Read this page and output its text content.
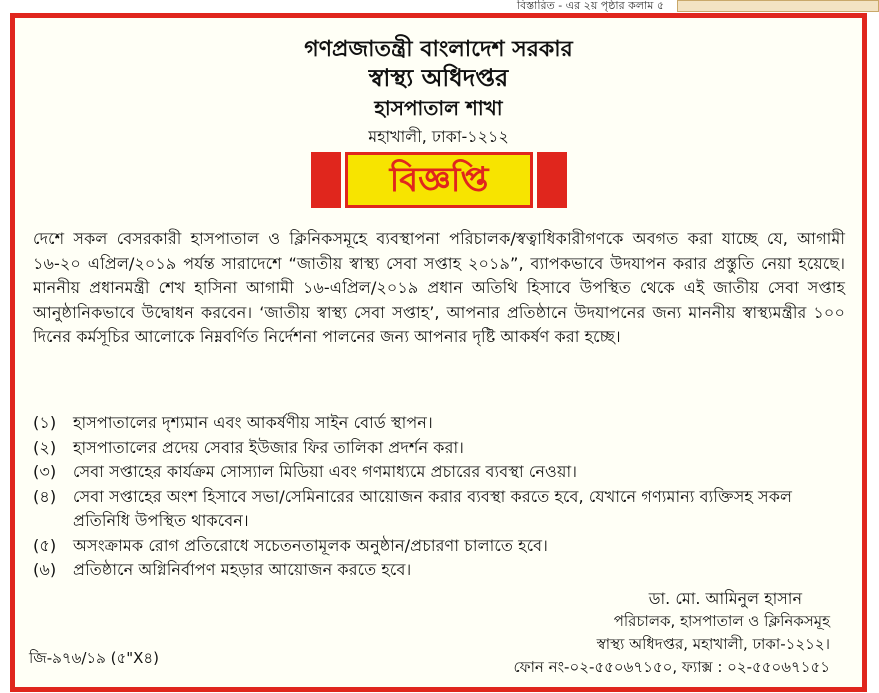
বিস্তারিত - এর ২য় পৃষ্ঠার কলাম ৫
গণপ্রজাতন্ত্রী বাংলাদেশ সরকার
স্বাস্থ্য অধিদপ্তর
হাসপাতাল শাখা
মহাখালী, ঢাকা-১২১২
বিজ্ঞপ্তি
দেশে সকল বেসরকারী হাসপাতাল ও ক্লিনিকসমূহে ব্যবস্থাপনা পরিচালক/স্বত্বাধিকারীগণকে অবগত করা যাচ্ছে যে, আগামী ১৬-২০ এপ্রিল/২০১৯ পর্যন্ত সারাদেশে “জাতীয় স্বাস্থ্য সেবা সপ্তাহ ২০১৯”, ব্যাপকভাবে উদযাপন করার প্রস্তুতি নেয়া হয়েছে। মাননীয় প্রধানমন্ত্রী শেখ হাসিনা আগামী ১৬-এপ্রিল/২০১৯ প্রধান অতিথি হিসাবে উপস্থিত থেকে এই জাতীয় সেবা সপ্তাহ আনুষ্ঠানিকভাবে উদ্বোধন করবেন। ‘জাতীয় স্বাস্থ্য সেবা সপ্তাহ’, আপনার প্রতিষ্ঠানে উদযাপনের জন্য মাননীয় স্বাস্থ্যমন্ত্রীর ১০০ দিনের কর্মসূচির আলোকে নিম্নবর্ণিত নির্দেশনা পালনের জন্য আপনার দৃষ্টি আকর্ষণ করা হচ্ছে।
(১)	হাসপাতালের দৃশ্যমান এবং আকর্ষণীয় সাইন বোর্ড স্থাপন।
(২)	হাসপাতালের প্রদেয় সেবার ইউজার ফির তালিকা প্রদর্শন করা।
(৩)	সেবা সপ্তাহের কার্যক্রম সোস্যাল মিডিয়া এবং গণমাধ্যমে প্রচারের ব্যবস্থা নেওয়া।
(৪)	সেবা সপ্তাহের অংশ হিসাবে সভা/সেমিনারের আয়োজন করার ব্যবস্থা করতে হবে, যেখানে গণ্যমান্য ব্যক্তিসহ সকল প্রতিনিধি উপস্থিত থাকবেন।
(৫)	অসংক্রামক রোগ প্রতিরোধে সচেতনতামূলক অনুষ্ঠান/প্রচারণা চালাতে হবে।
(৬)	প্রতিষ্ঠানে অগ্নিনির্বাপণ মহড়ার আয়োজন করতে হবে।
ডা. মো. আমিনুল হাসান
পরিচালক, হাসপাতাল ও ক্লিনিকসমূহ
স্বাস্থ্য অধিদপ্তর, মহাখালী, ঢাকা-১২১২।
ফোন নং-০২-৫৫০৬৭১৫০, ফ্যাক্স : ০২-৫৫০৬৭১৫১
জি-৯৭৬/১৯ (৫"X৪)
